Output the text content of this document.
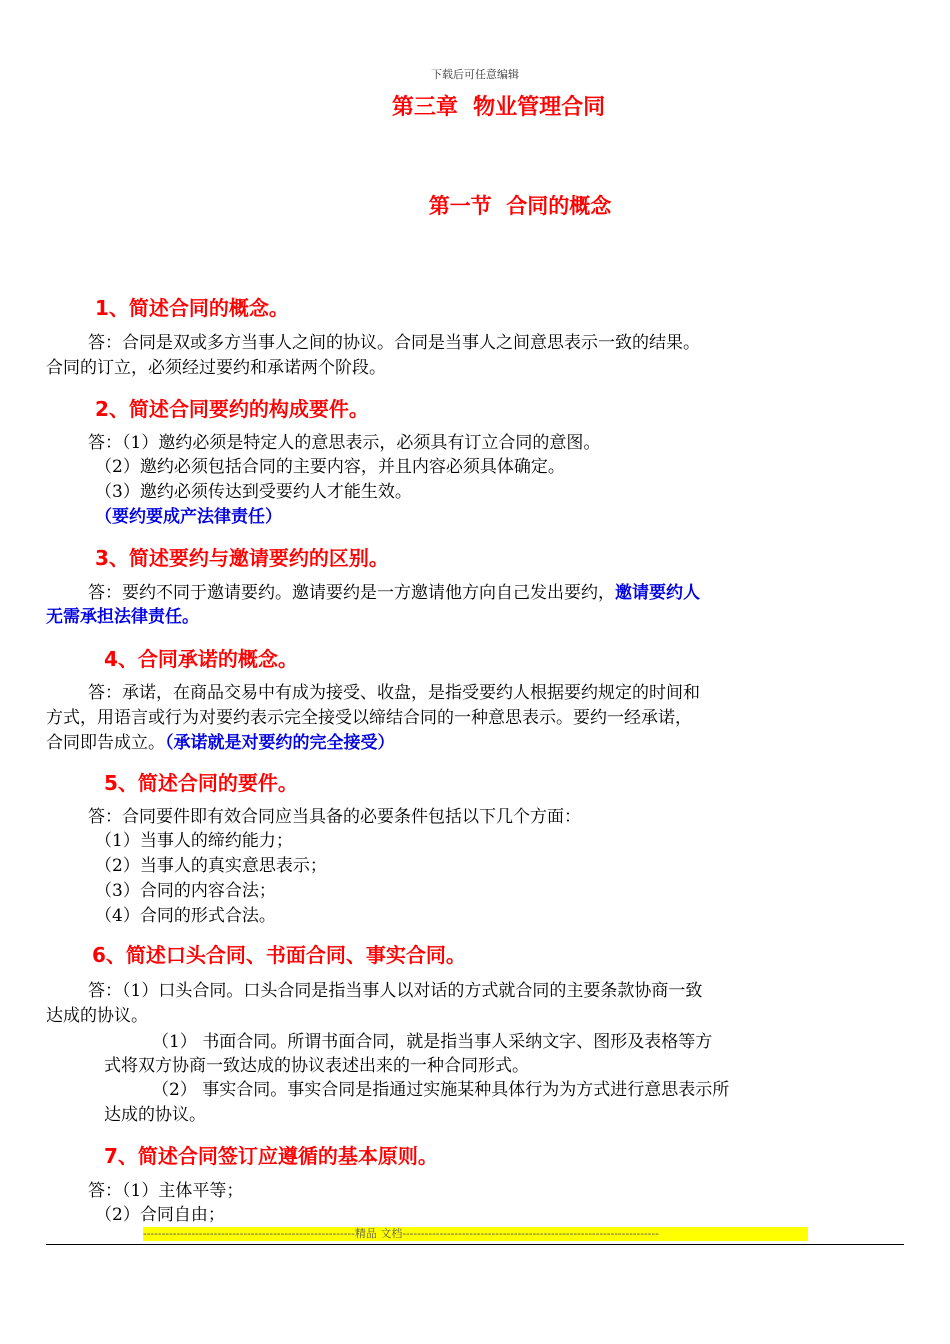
下载后可任意编辑
第三章  物业管理合同
第一节  合同的概念
1、简述合同的概念。
答：合同是双或多方当事人之间的协议。合同是当事人之间意思表示一致的结果。
合同的订立，必须经过要约和承诺两个阶段。
2、简述合同要约的构成要件。
答：（1）邀约必须是特定人的意思表示，必须具有订立合同的意图。
（2）邀约必须包括合同的主要内容，并且内容必须具体确定。
（3）邀约必须传达到受要约人才能生效。
（要约要成产法律责任）
3、简述要约与邀请要约的区别。
答：要约不同于邀请要约。邀请要约是一方邀请他方向自己发出要约，邀请要约人
无需承担法律责任。
4、合同承诺的概念。
答：承诺，在商品交易中有成为接受、收盘，是指受要约人根据要约规定的时间和
方式，用语言或行为对要约表示完全接受以缔结合同的一种意思表示。要约一经承诺，
合同即告成立。（承诺就是对要约的完全接受）
5、简述合同的要件。
答：合同要件即有效合同应当具备的必要条件包括以下几个方面：
（1）当事人的缔约能力；
（2）当事人的真实意思表示；
（3）合同的内容合法；
（4）合同的形式合法。
6、简述口头合同、书面合同、事实合同。
答：（1）口头合同。口头合同是指当事人以对话的方式就合同的主要条款协商一致
达成的协议。
（1） 书面合同。所谓书面合同，就是指当事人采纳文字、图形及表格等方
式将双方协商一致达成的协议表述出来的一种合同形式。
（2） 事实合同。事实合同是指通过实施某种具体行为为方式进行意思表示所
达成的协议。
7、简述合同签订应遵循的基本原则。
答：（1）主体平等；
（2）合同自由；
---------------------------------------------------------精品 文档---------------------------------------------------------------------
